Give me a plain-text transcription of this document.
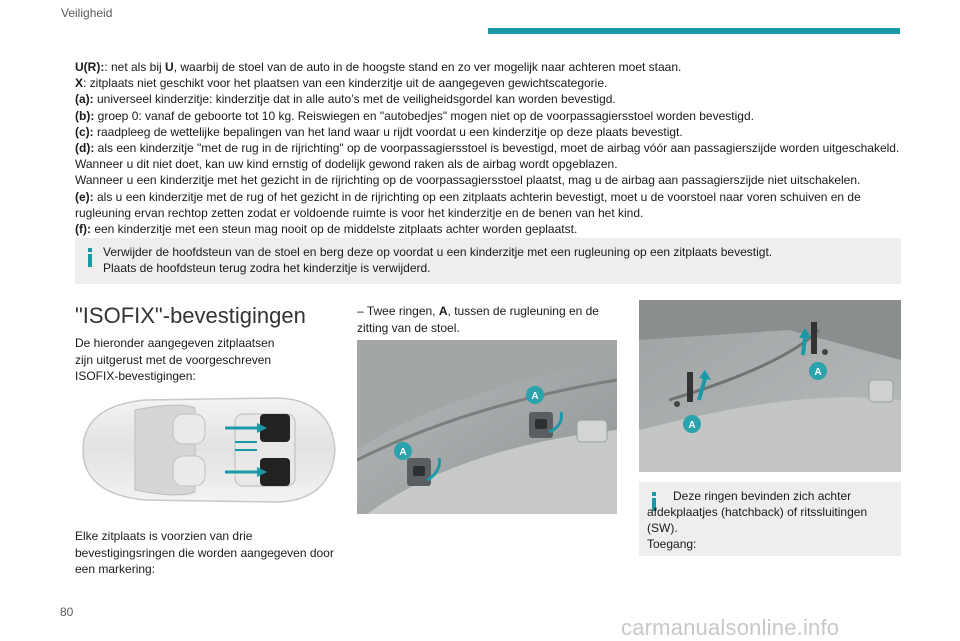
Veiligheid

U(R):: net als bij U, waarbij de stoel van de auto in de hoogste stand en zo ver mogelijk naar achteren moet staan.

X: zitplaats niet geschikt voor het plaatsen van een kinderzitje uit de aangegeven gewichtscategorie.

(a): universeel kinderzitje: kinderzitje dat in alle auto’s met de veiligheidsgordel kan worden bevestigd.

(b): groep 0: vanaf de geboorte tot 10 kg. Reiswiegen en "autobedjes" mogen niet op de voorpassagiersstoel worden bevestigd.

(c): raadpleeg de wettelijke bepalingen van het land waar u rijdt voordat u een kinderzitje op deze plaats bevestigt.

(d): als een kinderzitje "met de rug in de rijrichting" op de voorpassagiersstoel is bevestigd, moet de airbag vóór aan passagierszijde worden uitgeschakeld. Wanneer u dit niet doet, kan uw kind ernstig of dodelijk gewond raken als de airbag wordt opgeblazen.

Wanneer u een kinderzitje met het gezicht in de rijrichting op de voorpassagiersstoel plaatst, mag u de airbag aan passagierszijde niet uitschakelen.

(e): als u een kinderzitje met de rug of het gezicht in de rijrichting op een zitplaats achterin bevestigt, moet u de voorstoel naar voren schuiven en de rugleuning ervan rechtop zetten zodat er voldoende ruimte is voor het kinderzitje en de benen van het kind.

(f): een kinderzitje met een steun mag nooit op de middelste zitplaats achter worden geplaatst.

Verwijder de hoofdsteun van de stoel en berg deze op voordat u een kinderzitje met een rugleuning op een zitplaats bevestigt.
Plaats de hoofdsteun terug zodra het kinderzitje is verwijderd.
"ISOFIX"-bevestigingen

De hieronder aangegeven zitplaatsen zijn uitgerust met de voorgeschreven ISOFIX-bevestigingen:

Elke zitplaats is voorzien van drie bevestigingsringen die worden aangegeven door een markering:

– Twee ringen, A, tussen de rugleuning en de zitting van de stoel.

A
A
A
A
Deze ringen bevinden zich achter afdekplaatjes (hatchback) of ritssluitingen (SW).
Toegang:
80
carmanualsonline.info
